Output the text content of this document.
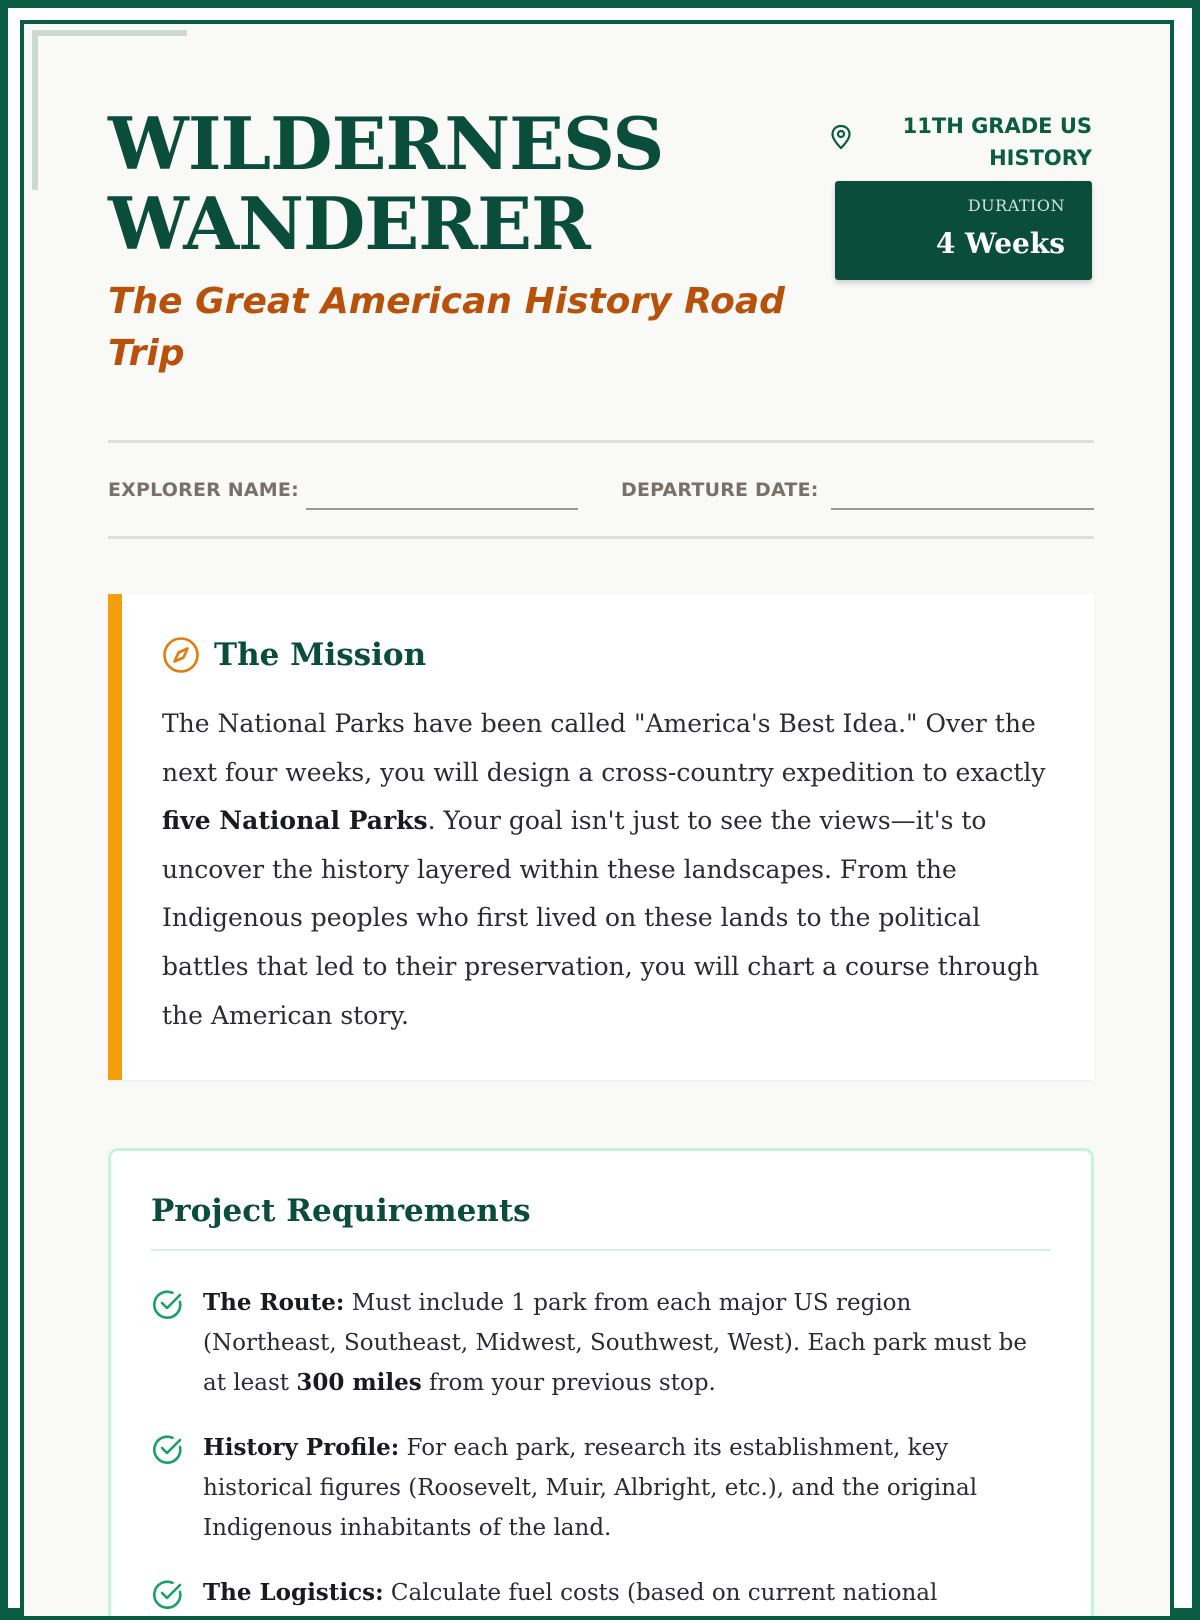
WILDERNESS
WANDERER

The Great American History Road Trip

11TH GRADE US HISTORY
DURATION
4 Weeks
EXPLORER NAME:	DEPARTURE DATE:
The Mission

The National Parks have been called "America's Best Idea." Over the next four weeks, you will design a cross-country expedition to exactly five National Parks. Your goal isn't just to see the views—it's to uncover the history layered within these landscapes. From the Indigenous peoples who first lived on these lands to the political battles that led to their preservation, you will chart a course through the American story.

Project Requirements
The Route: Must include 1 park from each major US region (Northeast, Southeast, Midwest, Southwest, West). Each park must be at least 300 miles from your previous stop.
History Profile: For each park, research its establishment, key historical figures (Roosevelt, Muir, Albright, etc.), and the original Indigenous inhabitants of the land.
The Logistics: Calculate fuel costs (based on current national
